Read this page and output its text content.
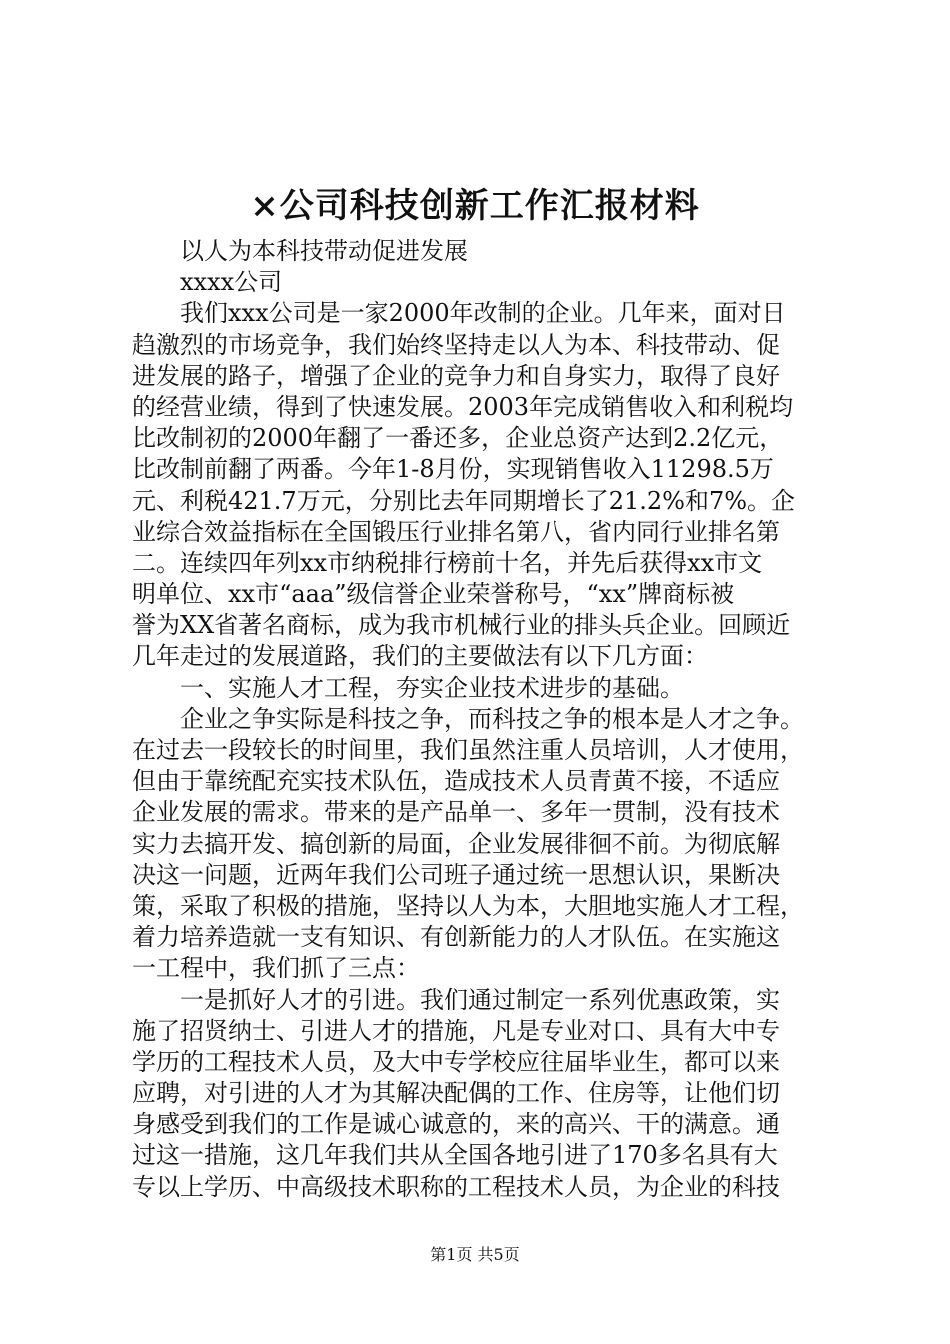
×公司科技创新工作汇报材料
以人为本科技带动促进发展
xxxx公司
我们xxx公司是一家2000年改制的企业。几年来，面对日
趋激烈的市场竞争，我们始终坚持走以人为本、科技带动、促
进发展的路子，增强了企业的竞争力和自身实力，取得了良好
的经营业绩，得到了快速发展。2003年完成销售收入和利税均
比改制初的2000年翻了一番还多，企业总资产达到2.2亿元，
比改制前翻了两番。今年1-8月份，实现销售收入11298.5万
元、利税421.7万元，分别比去年同期增长了21.2%和7%。企
业综合效益指标在全国锻压行业排名第八，省内同行业排名第
二。连续四年列xx市纳税排行榜前十名，并先后获得xx市文
明单位、xx市“aaa”级信誉企业荣誉称号，“xx”牌商标被
誉为XX省著名商标，成为我市机械行业的排头兵企业。回顾近
几年走过的发展道路，我们的主要做法有以下几方面：
一、实施人才工程，夯实企业技术进步的基础。
企业之争实际是科技之争，而科技之争的根本是人才之争。
在过去一段较长的时间里，我们虽然注重人员培训，人才使用，
但由于靠统配充实技术队伍，造成技术人员青黄不接，不适应
企业发展的需求。带来的是产品单一、多年一贯制，没有技术
实力去搞开发、搞创新的局面，企业发展徘徊不前。为彻底解
决这一问题，近两年我们公司班子通过统一思想认识，果断决
策，采取了积极的措施，坚持以人为本，大胆地实施人才工程，
着力培养造就一支有知识、有创新能力的人才队伍。在实施这
一工程中，我们抓了三点：
一是抓好人才的引进。我们通过制定一系列优惠政策，实
施了招贤纳士、引进人才的措施，凡是专业对口、具有大中专
学历的工程技术人员，及大中专学校应往届毕业生，都可以来
应聘，对引进的人才为其解决配偶的工作、住房等，让他们切
身感受到我们的工作是诚心诚意的，来的高兴、干的满意。通
过这一措施，这几年我们共从全国各地引进了170多名具有大
专以上学历、中高级技术职称的工程技术人员，为企业的科技
第1页 共5页
